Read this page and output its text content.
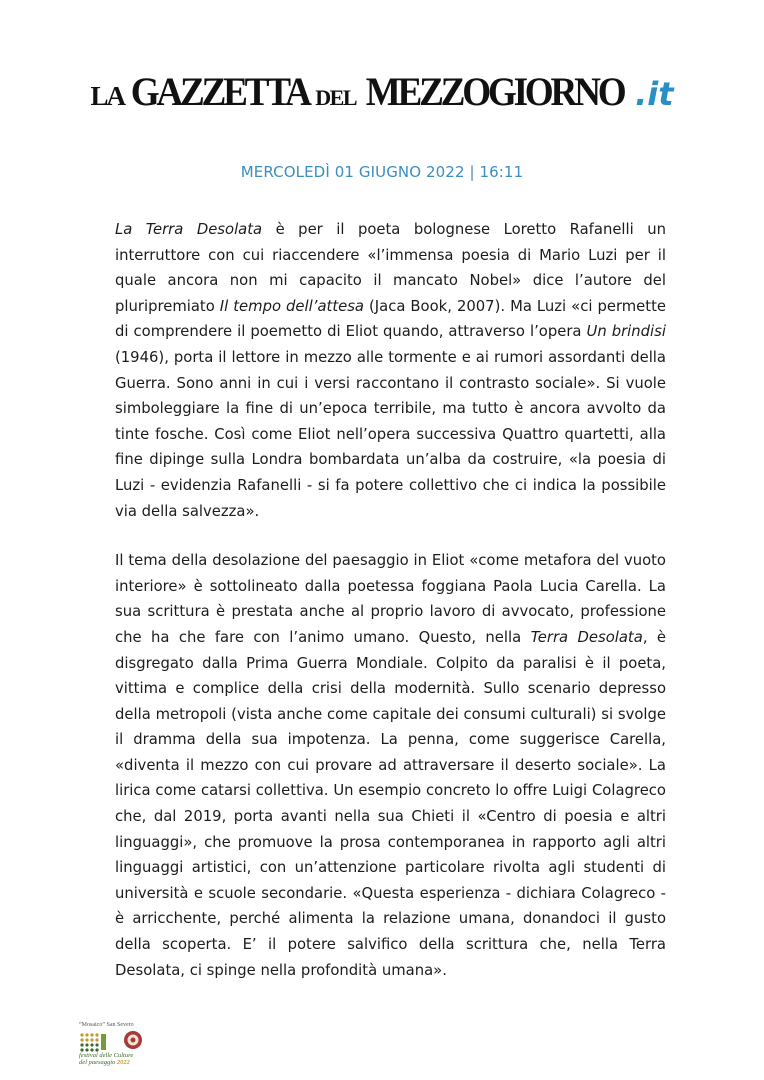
LA GAZZETTA DEL MEZZOGIORNO .it
MERCOLEDÌ 01 GIUGNO 2022 | 16:11

La Terra Desolata è per il poeta bolognese Loretto Rafanelli un interruttore con cui riaccendere «l’immensa poesia di Mario Luzi per il quale ancora non mi capacito il mancato Nobel» dice l’autore del pluripremiato Il tempo dell’attesa (Jaca Book, 2007). Ma Luzi «ci permette di comprendere il poemetto di Eliot quando, attraverso l’opera Un brindisi (1946), porta il lettore in mezzo alle tormente e ai rumori assordanti della Guerra. Sono anni in cui i versi raccontano il contrasto sociale». Si vuole simboleggiare la fine di un’epoca terribile, ma tutto è ancora avvolto da tinte fosche. Così come Eliot nell’opera successiva Quattro quartetti, alla fine dipinge sulla Londra bombardata un’alba da costruire, «la poesia di Luzi - evidenzia Rafanelli - si fa potere collettivo che ci indica la possibile via della salvezza».

Il tema della desolazione del paesaggio in Eliot «come metafora del vuoto interiore» è sottolineato dalla poetessa foggiana Paola Lucia Carella. La sua scrittura è prestata anche al proprio lavoro di avvocato, professione che ha che fare con l’animo umano. Questo, nella Terra Desolata, è disgregato dalla Prima Guerra Mondiale. Colpito da paralisi è il poeta, vittima e complice della crisi della modernità. Sullo scenario depresso della metropoli (vista anche come capitale dei consumi culturali) si svolge il dramma della sua impotenza. La penna, come suggerisce Carella, «diventa il mezzo con cui provare ad attraversare il deserto sociale». La lirica come catarsi collettiva. Un esempio concreto lo offre Luigi Colagreco che, dal 2019, porta avanti nella sua Chieti il «Centro di poesia e altri linguaggi», che promuove la prosa contemporanea in rapporto agli altri linguaggi artistici, con un’attenzione particolare rivolta agli studenti di università e scuole secondarie. «Questa esperienza - dichiara Colagreco - è arricchente, perché alimenta la relazione umana, donandoci il gusto della scoperta. E’ il potere salvifico della scrittura che, nella Terra Desolata, ci spinge nella profondità umana».

“Mosaico” San Severo
festival delle Culture
del paesaggio 2022
